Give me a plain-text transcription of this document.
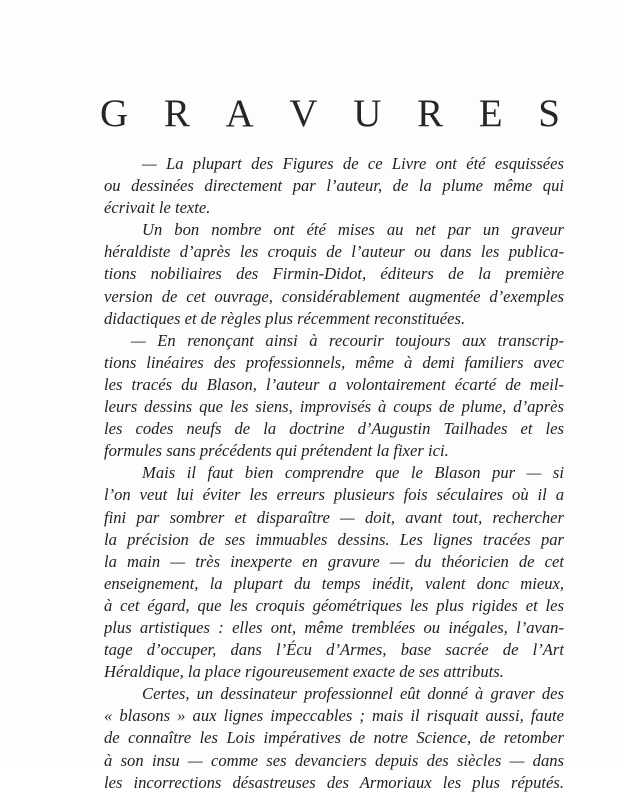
G R A V U R E S
— La plupart des Figures de ce Livre ont été esquissées
ou dessinées directement par l’auteur, de la plume même qui
écrivait le texte.
Un bon nombre ont été mises au net par un graveur
héraldiste d’après les croquis de l’auteur ou dans les publica-
tions nobiliaires des Firmin-Didot, éditeurs de la première
version de cet ouvrage, considérablement augmentée d’exemples
didactiques et de règles plus récemment reconstituées.
— En renonçant ainsi à recourir toujours aux transcrip-
tions linéaires des professionnels, même à demi familiers avec
les tracés du Blason, l’auteur a volontairement écarté de meil-
leurs dessins que les siens, improvisés à coups de plume, d’après
les codes neufs de la doctrine d’Augustin Tailhades et les
formules sans précédents qui prétendent la fixer ici.
Mais il faut bien comprendre que le Blason pur — si
l’on veut lui éviter les erreurs plusieurs fois séculaires où il a
fini par sombrer et disparaître — doit, avant tout, rechercher
la précision de ses immuables dessins. Les lignes tracées par
la main — très inexperte en gravure — du théoricien de cet
enseignement, la plupart du temps inédit, valent donc mieux,
à cet égard, que les croquis géométriques les plus rigides et les
plus artistiques : elles ont, même tremblées ou inégales, l’avan-
tage d’occuper, dans l’Écu d’Armes, base sacrée de l’Art
Héraldique, la place rigoureusement exacte de ses attributs.
Certes, un dessinateur professionnel eût donné à graver des
« blasons » aux lignes impeccables ; mais il risquait aussi, faute
de connaître les Lois impératives de notre Science, de retomber
à son insu — comme ses devanciers depuis des siècles — dans
les incorrections désastreuses des Armoriaux les plus réputés.
